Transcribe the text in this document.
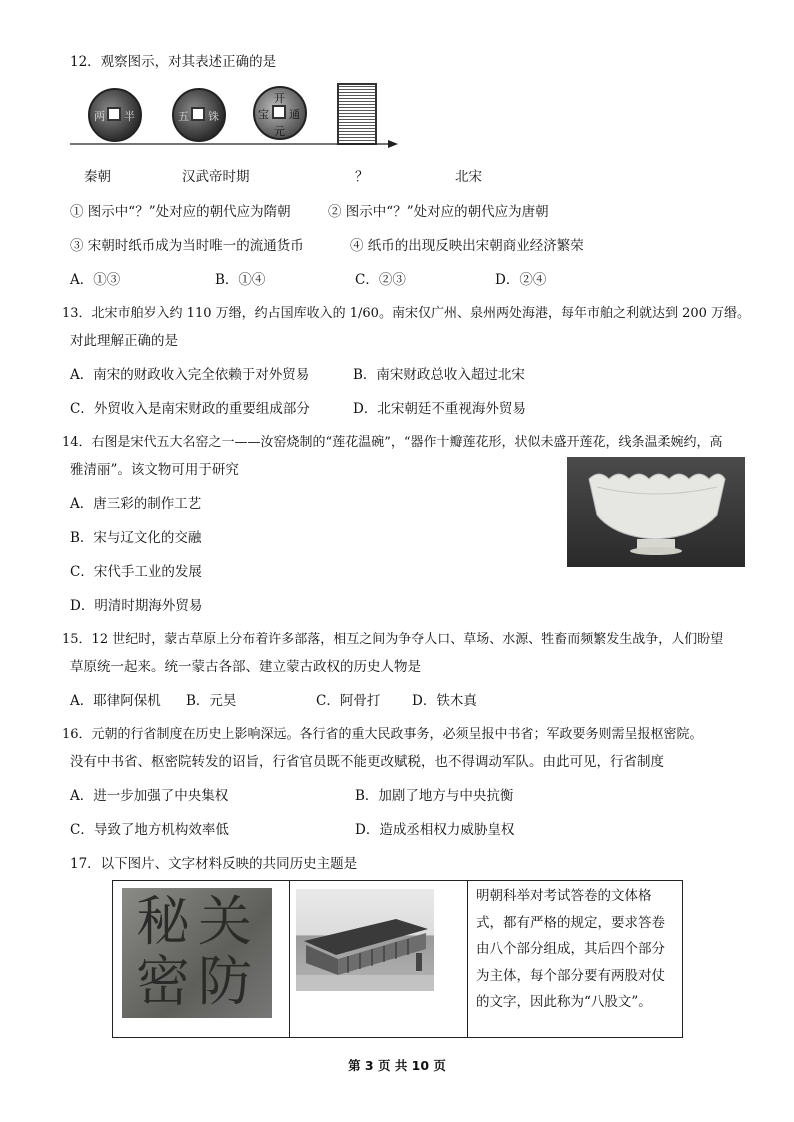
12．观察图示，对其表述正确的是
两 半	五 铢
开
元
通
宝
秦朝	汉武帝时期	？	北宋
① 图示中“？”处对应的朝代应为隋朝	② 图示中“？”处对应的朝代应为唐朝
③ 宋朝时纸币成为当时唯一的流通货币	④ 纸币的出现反映出宋朝商业经济繁荣
A．①③	B．①④	C．②③	D．②④
13．北宋市舶岁入约 110 万缗，约占国库收入的 1/60。南宋仅广州、泉州两处海港，每年市舶之利就达到 200 万缗。
对此理解正确的是
A．南宋的财政收入完全依赖于对外贸易	B．南宋财政总收入超过北宋
C．外贸收入是南宋财政的重要组成部分	D．北宋朝廷不重视海外贸易
14．右图是宋代五大名窑之一——汝窑烧制的“莲花温碗”，“器作十瓣莲花形，状似未盛开莲花，线条温柔婉约，高
雅清丽”。该文物可用于研究
A．唐三彩的制作工艺
B．宋与辽文化的交融
C．宋代手工业的发展
D．明清时期海外贸易
15．12 世纪时，蒙古草原上分布着许多部落，相互之间为争夺人口、草场、水源、牲畜而频繁发生战争，人们盼望
草原统一起来。统一蒙古各部、建立蒙古政权的历史人物是
A．耶律阿保机 B．元昊	C．阿骨打 D．铁木真
16．元朝的行省制度在历史上影响深远。各行省的重大民政事务，必须呈报中书省；军政要务则需呈报枢密院。
没有中书省、枢密院转发的诏旨，行省官员既不能更改赋税，也不得调动军队。由此可见，行省制度
A．进一步加强了中央集权	B．加剧了地方与中央抗衡
C．导致了地方机构效率低	D．造成丞相权力威胁皇权
17．以下图片、文字材料反映的共同历史主题是
关
防
秘
密

明朝科举对考试答卷的文体格
式，都有严格的规定，要求答卷
由八个部分组成，其后四个部分
为主体，每个部分要有两股对仗
的文字，因此称为“八股文”。
第 3 页 共 10 页
